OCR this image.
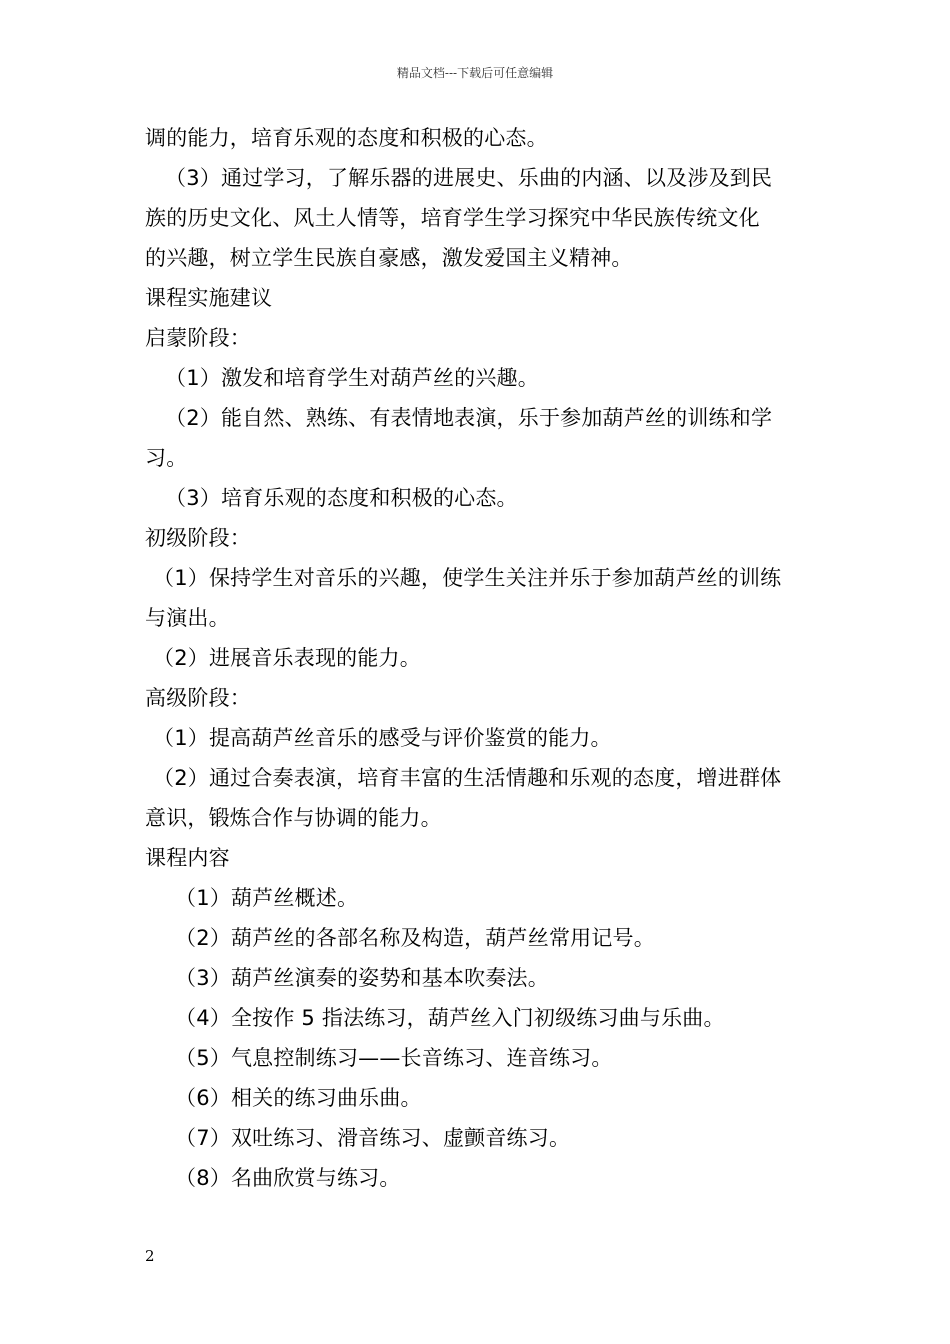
精品文档---下载后可任意编辑
调的能力，培育乐观的态度和积极的心态。
（3）通过学习，了解乐器的进展史、乐曲的内涵、以及涉及到民
族的历史文化、风土人情等，培育学生学习探究中华民族传统文化
的兴趣，树立学生民族自豪感，激发爱国主义精神。
课程实施建议
启蒙阶段：
（1）激发和培育学生对葫芦丝的兴趣。
（2）能自然、熟练、有表情地表演，乐于参加葫芦丝的训练和学
习。
（3）培育乐观的态度和积极的心态。
初级阶段：
（1）保持学生对音乐的兴趣，使学生关注并乐于参加葫芦丝的训练
与演出。
（2）进展音乐表现的能力。
高级阶段：
（1）提高葫芦丝音乐的感受与评价鉴赏的能力。
（2）通过合奏表演，培育丰富的生活情趣和乐观的态度，增进群体
意识，锻炼合作与协调的能力。
课程内容
（1）葫芦丝概述。
（2）葫芦丝的各部名称及构造，葫芦丝常用记号。
（3）葫芦丝演奏的姿势和基本吹奏法。
（4）全按作 5 指法练习，葫芦丝入门初级练习曲与乐曲。
（5）气息控制练习——长音练习、连音练习。
（6）相关的练习曲乐曲。
（7）双吐练习、滑音练习、虚颤音练习。
（8）名曲欣赏与练习。
2
